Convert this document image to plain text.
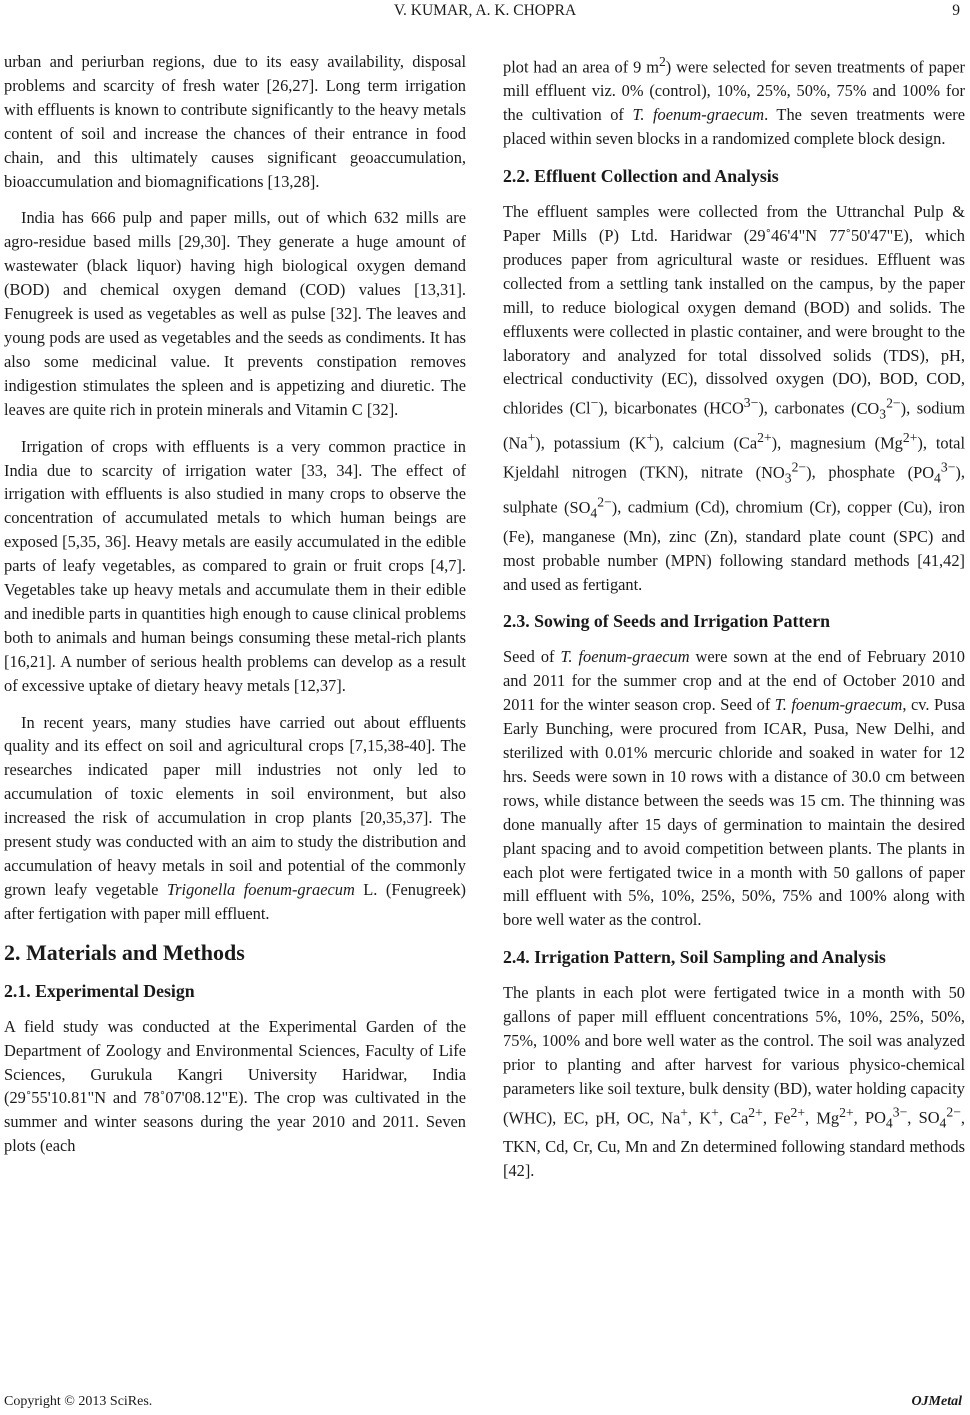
V. KUMAR, A. K. CHOPRA	9

urban and periurban regions, due to its easy availability, disposal problems and scarcity of fresh water [26,27]. Long term irrigation with effluents is known to contribute significantly to the heavy metals content of soil and increase the chances of their entrance in food chain, and this ultimately causes significant geoaccumulation, bioaccumulation and biomagnifications [13,28].

India has 666 pulp and paper mills, out of which 632 mills are agro-residue based mills [29,30]. They generate a huge amount of wastewater (black liquor) having high biological oxygen demand (BOD) and chemical oxygen demand (COD) values [13,31]. Fenugreek is used as vegetables as well as pulse [32]. The leaves and young pods are used as vegetables and the seeds as condiments. It has also some medicinal value. It prevents constipation removes indigestion stimulates the spleen and is appetizing and diuretic. The leaves are quite rich in protein minerals and Vitamin C [32].

Irrigation of crops with effluents is a very common practice in India due to scarcity of irrigation water [33, 34]. The effect of irrigation with effluents is also studied in many crops to observe the concentration of accumulated metals to which human beings are exposed [5,35, 36]. Heavy metals are easily accumulated in the edible parts of leafy vegetables, as compared to grain or fruit crops [4,7]. Vegetables take up heavy metals and accumulate them in their edible and inedible parts in quantities high enough to cause clinical problems both to animals and human beings consuming these metal-rich plants [16,21]. A number of serious health problems can develop as a result of excessive uptake of dietary heavy metals [12,37].

In recent years, many studies have carried out about effluents quality and its effect on soil and agricultural crops [7,15,38-40]. The researches indicated paper mill industries not only led to accumulation of toxic elements in soil environment, but also increased the risk of accumulation in crop plants [20,35,37]. The present study was conducted with an aim to study the distribution and accumulation of heavy metals in soil and potential of the commonly grown leafy vegetable Trigonella foenum-graecum L. (Fenugreek) after fertigation with paper mill effluent.

2. Materials and Methods
2.1. Experimental Design

A field study was conducted at the Experimental Garden of the Department of Zoology and Environmental Sciences, Faculty of Life Sciences, Gurukula Kangri University Haridwar, India (29˚55'10.81"N and 78˚07'08.12"E). The crop was cultivated in the summer and winter seasons during the year 2010 and 2011. Seven plots (each

plot had an area of 9 $m^2$) were selected for seven treatments of paper mill effluent viz. 0% (control), 10%, 25%, 50%, 75% and 100% for the cultivation of T. foenum-graecum. The seven treatments were placed within seven blocks in a randomized complete block design.

2.2. Effluent Collection and Analysis

The effluent samples were collected from the Uttranchal Pulp & Paper Mills (P) Ltd. Haridwar (29˚46'4"N 77˚50'47"E), which produces paper from agricultural waste or residues. Effluent was collected from a settling tank installed on the campus, by the paper mill, to reduce biological oxygen demand (BOD) and solids. The effluxents were collected in plastic container, and were brought to the laboratory and analyzed for total dissolved solids (TDS), pH, electrical conductivity (EC), dissolved oxygen (DO), BOD, COD, chlorides (Cl−), bicarbonates $(HCO^{3-})$, carbonates $(CO_3^{2-})$, sodium (Na+), potassium (K+), calcium $(Ca^{2+})$, magnesium $(Mg^{2+})$, total Kjeldahl nitrogen (TKN), nitrate $(NO_3^{2-})$, phosphate $(PO_4^{3-})$, sulphate $(SO_4^{2-})$, cadmium (Cd), chromium (Cr), copper (Cu), iron (Fe), manganese (Mn), zinc (Zn), standard plate count (SPC) and most probable number (MPN) following standard methods [41,42] and used as fertigant.

2.3. Sowing of Seeds and Irrigation Pattern

Seed of T. foenum-graecum were sown at the end of February 2010 and 2011 for the summer crop and at the end of October 2010 and 2011 for the winter season crop. Seed of T. foenum-graecum, cv. Pusa Early Bunching, were procured from ICAR, Pusa, New Delhi, and sterilized with 0.01% mercuric chloride and soaked in water for 12 hrs. Seeds were sown in 10 rows with a distance of 30.0 cm between rows, while distance between the seeds was 15 cm. The thinning was done manually after 15 days of germination to maintain the desired plant spacing and to avoid competition between plants. The plants in each plot were fertigated twice in a month with 50 gallons of paper mill effluent with 5%, 10%, 25%, 50%, 75% and 100% along with bore well water as the control.

2.4. Irrigation Pattern, Soil Sampling and Analysis

The plants in each plot were fertigated twice in a month with 50 gallons of paper mill effluent concentrations 5%, 10%, 25%, 50%, 75%, 100% and bore well water as the control. The soil was analyzed prior to planting and after harvest for various physico-chemical parameters like soil texture, bulk density (BD), water holding capacity (WHC), EC, pH, OC, Na+, K+, $Ca^{2+}$, $Fe^{2+}$, $Mg^{2+}$, $PO_4^{3-}$, $SO_4^{2-}$, TKN, Cd, Cr, Cu, Mn and Zn determined following standard methods [42].

Copyright © 2013 SciRes.	OJMetal
